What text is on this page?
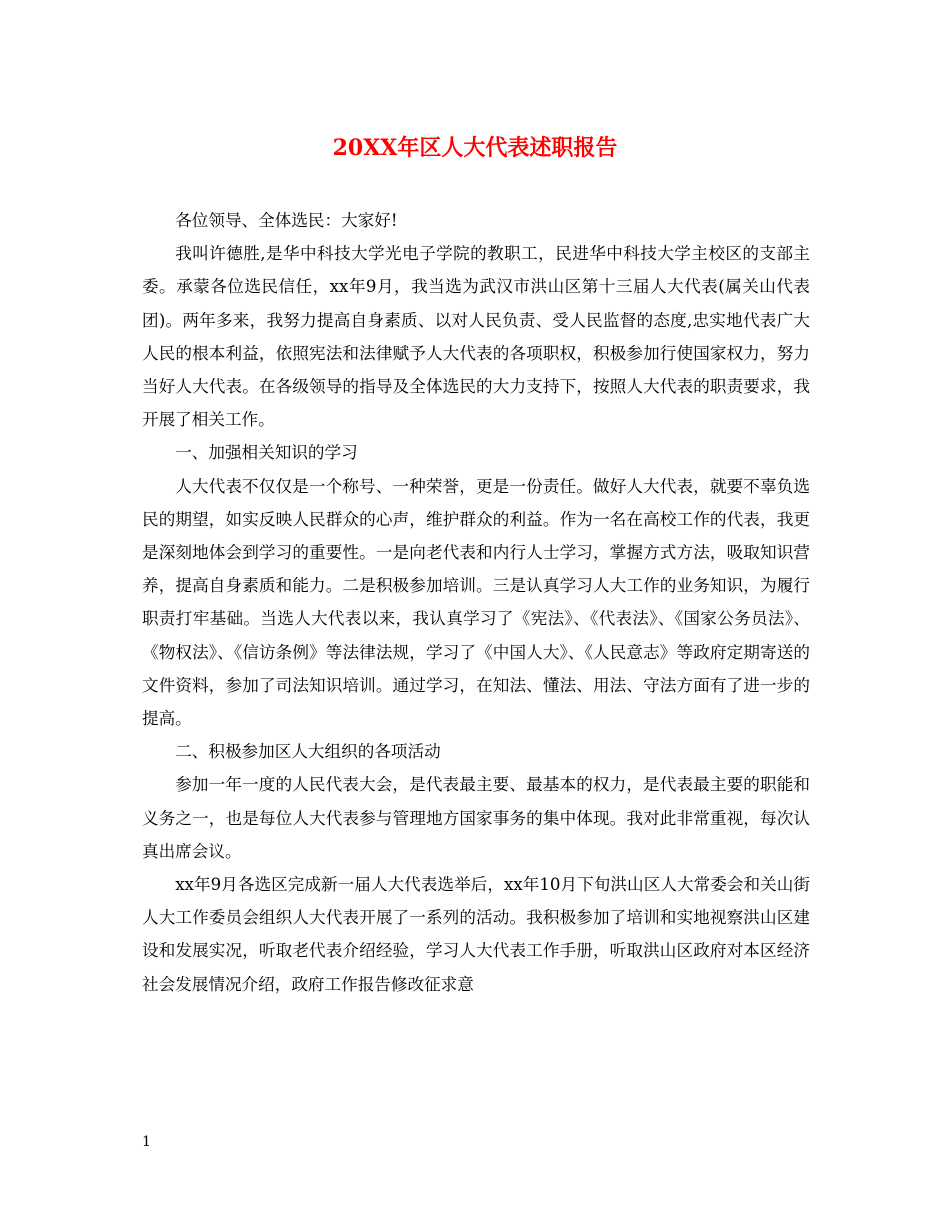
20XX年区人大代表述职报告

各位领导、全体选民：大家好!

我叫许德胜,是华中科技大学光电子学院的教职工，民进华中科技大学主校区的支部主委。承蒙各位选民信任，xx年9月，我当选为武汉市洪山区第十三届人大代表(属关山代表团)。两年多来，我努力提高自身素质、以对人民负责、受人民监督的态度,忠实地代表广大人民的根本利益，依照宪法和法律赋予人大代表的各项职权，积极参加行使国家权力，努力当好人大代表。在各级领导的指导及全体选民的大力支持下，按照人大代表的职责要求，我开展了相关工作。

一、加强相关知识的学习

人大代表不仅仅是一个称号、一种荣誉，更是一份责任。做好人大代表，就要不辜负选民的期望，如实反映人民群众的心声，维护群众的利益。作为一名在高校工作的代表，我更是深刻地体会到学习的重要性。一是向老代表和内行人士学习，掌握方式方法，吸取知识营养，提高自身素质和能力。二是积极参加培训。三是认真学习人大工作的业务知识，为履行职责打牢基础。当选人大代表以来，我认真学习了《宪法》、《代表法》、《国家公务员法》、《物权法》、《信访条例》等法律法规，学习了《中国人大》、《人民意志》等政府定期寄送的文件资料，参加了司法知识培训。通过学习，在知法、懂法、用法、守法方面有了进一步的提高。

二、积极参加区人大组织的各项活动

参加一年一度的人民代表大会，是代表最主要、最基本的权力，是代表最主要的职能和义务之一，也是每位人大代表参与管理地方国家事务的集中体现。我对此非常重视，每次认真出席会议。

xx年9月各选区完成新一届人大代表选举后，xx年10月下旬洪山区人大常委会和关山街人大工作委员会组织人大代表开展了一系列的活动。我积极参加了培训和实地视察洪山区建设和发展实况，听取老代表介绍经验，学习人大代表工作手册，听取洪山区政府对本区经济社会发展情况介绍，政府工作报告修改征求意

1
